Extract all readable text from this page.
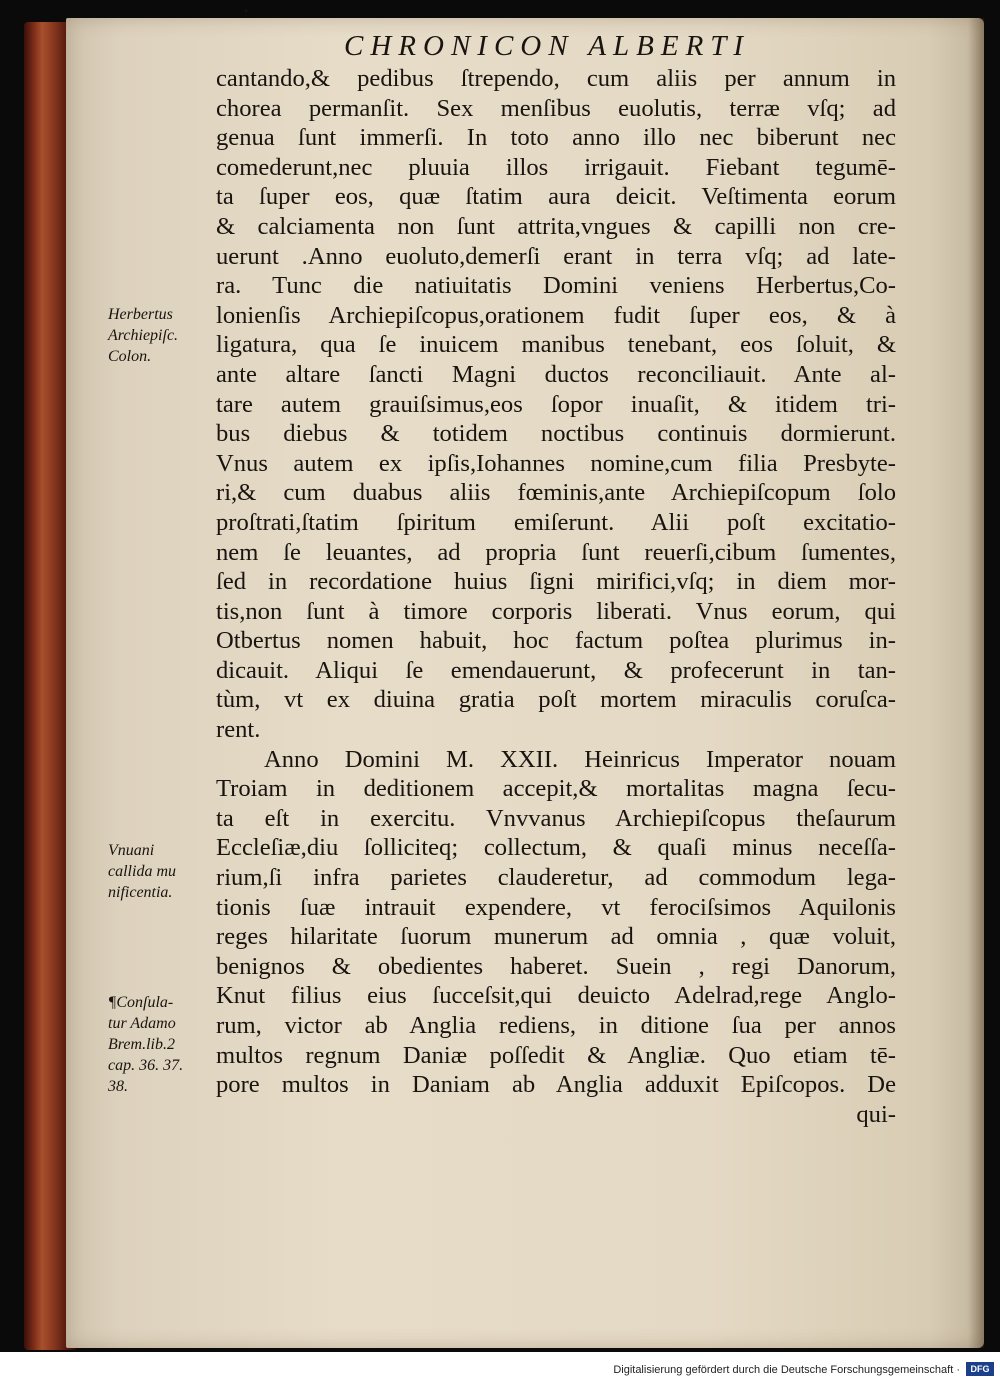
•
CHRONICON ALBERTI
cantando,& pedibus ſtrependo, cum aliis per annum in
chorea permanſit. Sex menſibus euolutis, terræ vſq; ad
genua ſunt immerſi. In toto anno illo nec biberunt nec
comederunt,nec pluuia illos irrigauit. Fiebant tegumē-
ta ſuper eos, quæ ſtatim aura deicit. Veſtimenta eorum
& calciamenta non ſunt attrita,vngues & capilli non cre-
uerunt .Anno euoluto,demerſi erant in terra vſq; ad late-
ra. Tunc die natiuitatis Domini veniens Herbertus,Co-
lonienſis Archiepiſcopus,orationem fudit ſuper eos, & à
ligatura, qua ſe inuicem manibus tenebant, eos ſoluit, &
ante altare ſancti Magni ductos reconciliauit. Ante al-
tare autem grauiſsimus,eos ſopor inuaſit, & itidem tri-
bus diebus & totidem noctibus continuis dormierunt.
Vnus autem ex ipſis,Iohannes nomine,cum filia Presbyte-
ri,& cum duabus aliis fœminis,ante Archiepiſcopum ſolo
proſtrati,ſtatim ſpiritum emiſerunt. Alii poſt excitatio-
nem ſe leuantes, ad propria ſunt reuerſi,cibum ſumentes,
ſed in recordatione huius ſigni mirifici,vſq; in diem mor-
tis,non ſunt à timore corporis liberati. Vnus eorum, qui
Otbertus nomen habuit, hoc factum poſtea plurimus in-
dicauit. Aliqui ſe emendauerunt, & profecerunt in tan-
tùm, vt ex diuina gratia poſt mortem miraculis coruſca-
rent.
Anno Domini M. XXII. Heinricus Imperator nouam
Troiam in deditionem accepit,& mortalitas magna ſecu-
ta eſt in exercitu. Vnvvanus Archiepiſcopus theſaurum
Eccleſiæ,diu ſolliciteq; collectum, & quaſi minus neceſſa-
rium,ſi infra parietes clauderetur, ad commodum lega-
tionis ſuæ intrauit expendere, vt ferociſsimos Aquilonis
reges hilaritate ſuorum munerum ad omnia , quæ voluit,
benignos & obedientes haberet. Suein , regi Danorum,
Knut filius eius ſucceſsit,qui deuicto Adelrad,rege Anglo-
rum, victor ab Anglia rediens, in ditione ſua per annos
multos regnum Daniæ poſſedit & Angliæ. Quo etiam tē-
pore multos in Daniam ab Anglia adduxit Epiſcopos. De
qui-
Herbertus
Archiepiſc.
Colon.
Vnuani
callida mu
nificentia.
¶Conſula-
tur Adamo
Brem.lib.2
cap. 36. 37.
38.
Digitalisierung gefördert durch die Deutsche Forschungsgemeinschaft ·	DFG
